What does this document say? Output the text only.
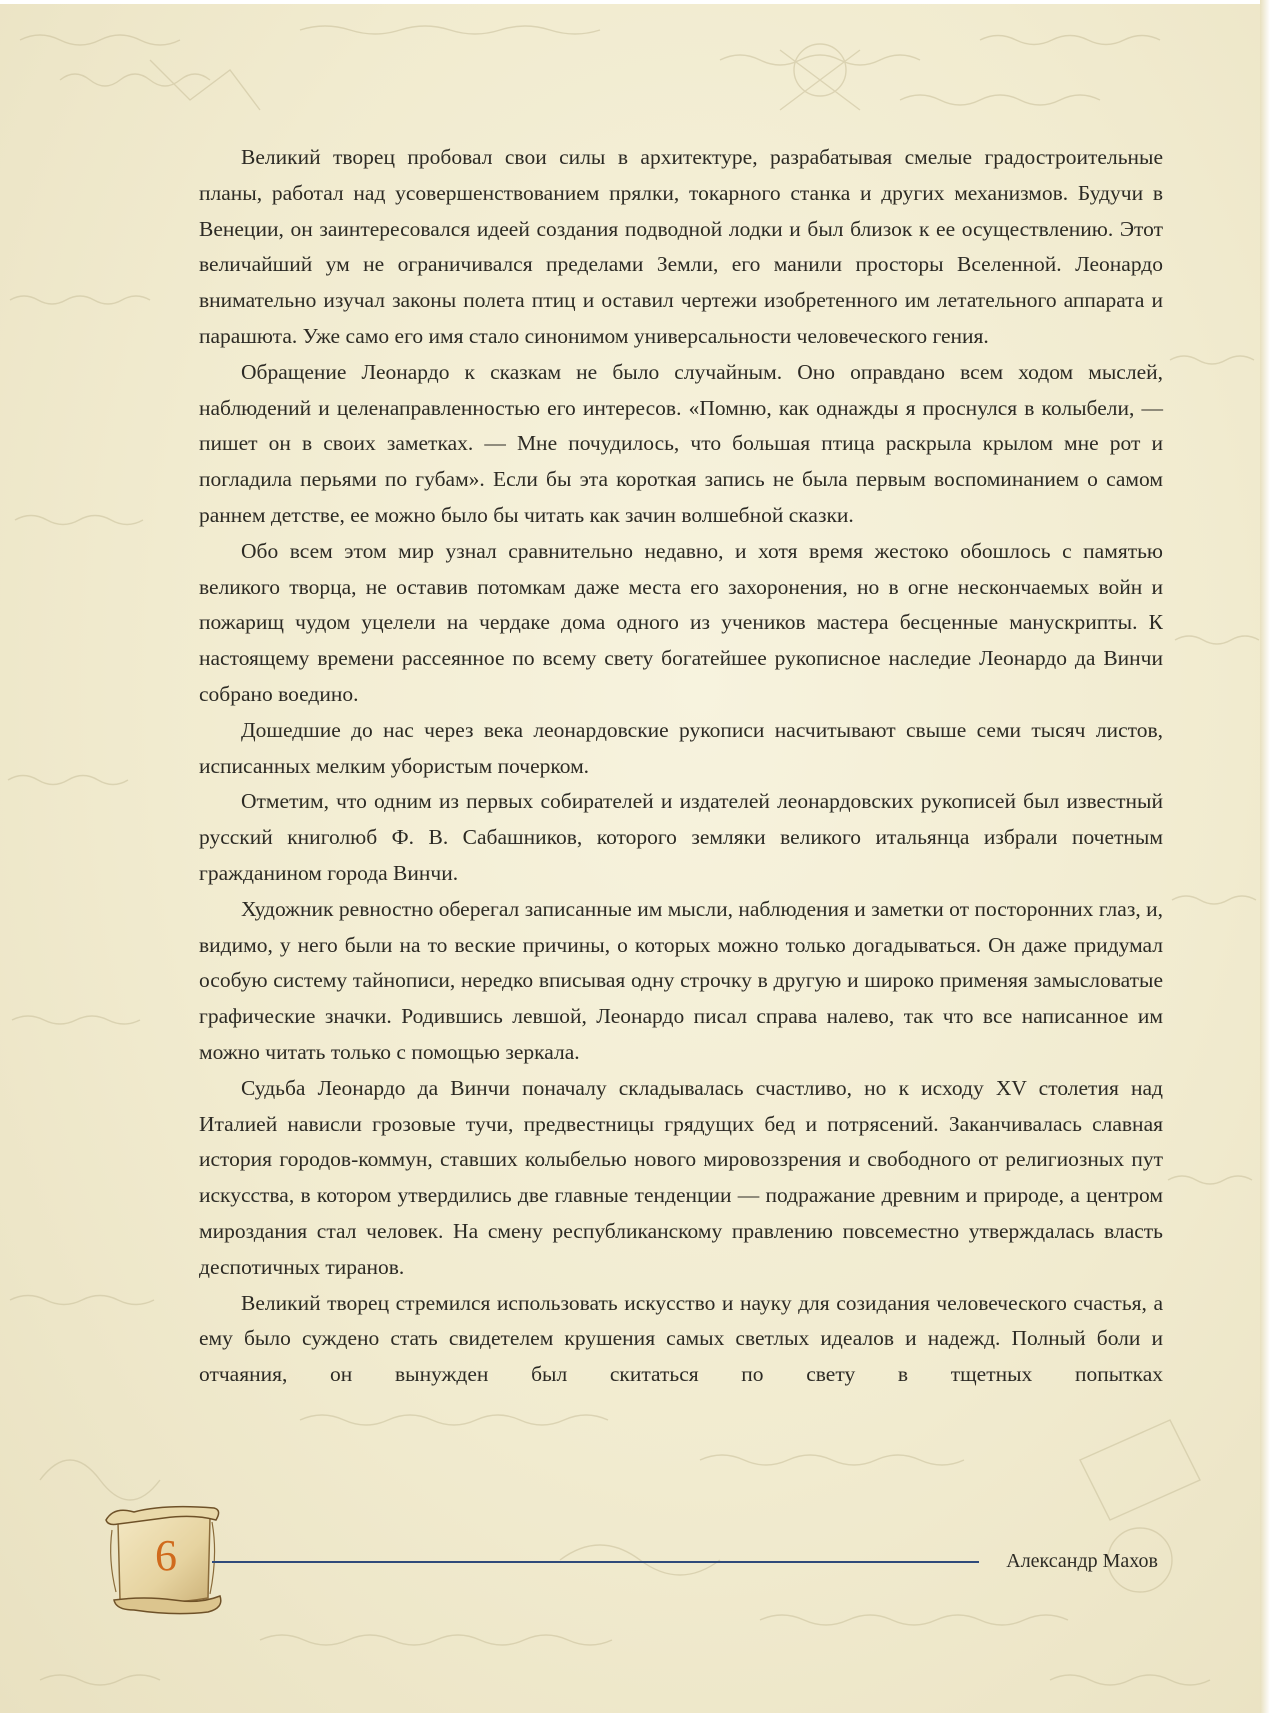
Великий творец пробовал свои силы в архитектуре, разрабатывая смелые градостроительные планы, работал над усовершенствованием прялки, токарного станка и других механизмов. Будучи в Венеции, он заинтересовался идеей создания подводной лодки и был близок к ее осуществлению. Этот величайший ум не ограничивался пределами Земли, его манили просторы Вселенной. Леонардо внимательно изучал законы полета птиц и оставил чертежи изобретенного им летательного аппарата и парашюта. Уже само его имя стало синонимом универсальности человеческого гения.

Обращение Леонардо к сказкам не было случайным. Оно оправдано всем ходом мыслей, наблюдений и целенаправленностью его интересов. «Помню, как однажды я проснулся в колыбели, — пишет он в своих заметках. — Мне почудилось, что большая птица раскрыла крылом мне рот и погладила перьями по губам». Если бы эта короткая запись не была первым воспоминанием о самом раннем детстве, ее можно было бы читать как зачин волшебной сказки.

Обо всем этом мир узнал сравнительно недавно, и хотя время жестоко обошлось с памятью великого творца, не оставив потомкам даже места его захоронения, но в огне нескончаемых войн и пожарищ чудом уцелели на чердаке дома одного из учеников мастера бесценные манускрипты. К настоящему времени рассеянное по всему свету богатейшее рукописное наследие Леонардо да Винчи собрано воедино.

Дошедшие до нас через века леонардовские рукописи насчитывают свыше семи тысяч листов, исписанных мелким убористым почерком.

Отметим, что одним из первых собирателей и издателей леонардовских рукописей был известный русский книголюб Ф. В. Сабашников, которого земляки великого итальянца избрали почетным гражданином города Винчи.

Художник ревностно оберегал записанные им мысли, наблюдения и заметки от посторонних глаз, и, видимо, у него были на то веские причины, о которых можно только догадываться. Он даже придумал особую систему тайнописи, нередко вписывая одну строчку в другую и широко применяя замысловатые графические значки. Родившись левшой, Леонардо писал справа налево, так что все написанное им можно читать только с помощью зеркала.

Судьба Леонардо да Винчи поначалу складывалась счастливо, но к исходу XV столетия над Италией нависли грозовые тучи, предвестницы грядущих бед и потрясений. Заканчивалась славная история городов-коммун, ставших колыбелью нового мировоззрения и свободного от религиозных пут искусства, в котором утвердились две главные тенденции — подражание древним и природе, а центром мироздания стал человек. На смену республиканскому правлению повсеместно утверждалась власть деспотичных тиранов.

Великий творец стремился использовать искусство и науку для созидания человеческого счастья, а ему было суждено стать свидетелем крушения самых светлых идеалов и надежд. Полный боли и отчаяния, он вынужден был скитаться по свету в тщетных попытках

6	Александр Махов
